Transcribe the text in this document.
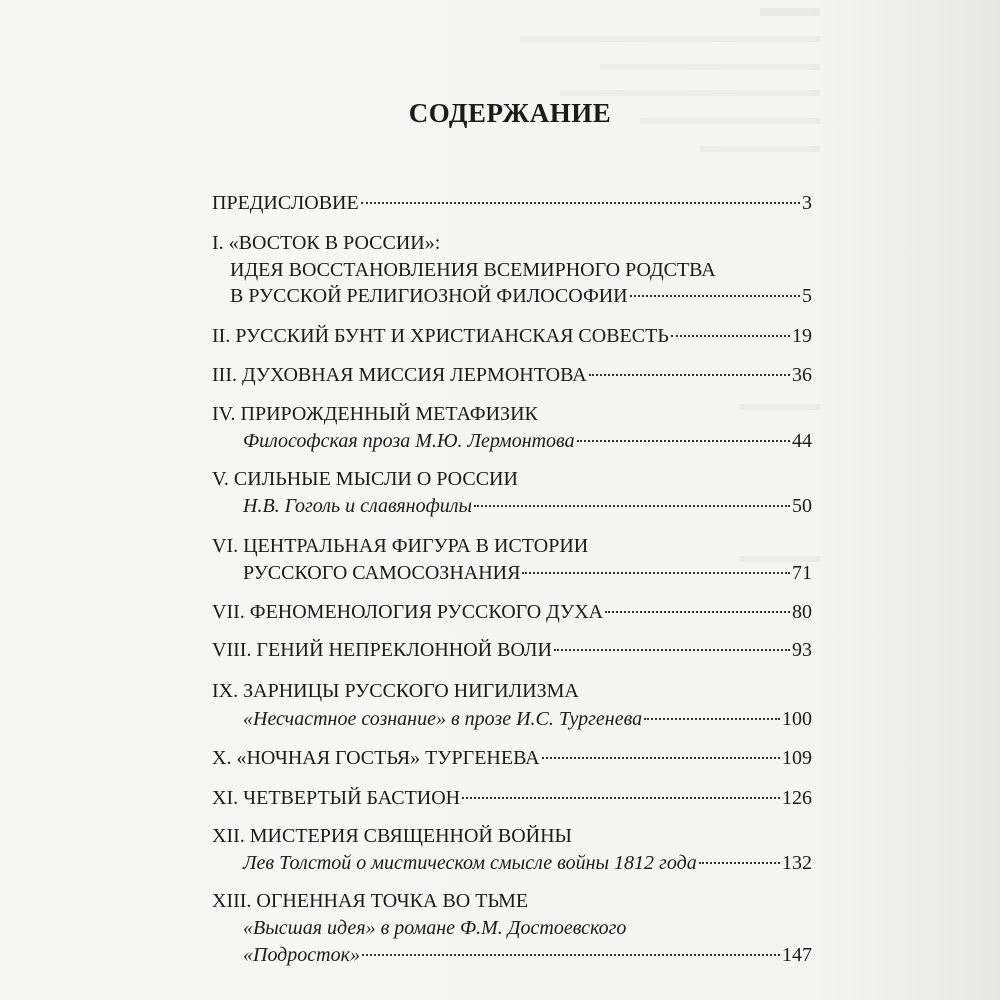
СОДЕРЖАНИЕ
ПРЕДИСЛОВИЕ	3
I. «ВОСТОК В РОССИИ»:
ИДЕЯ ВОССТАНОВЛЕНИЯ ВСЕМИРНОГО РОДСТВА
В РУССКОЙ РЕЛИГИОЗНОЙ ФИЛОСОФИИ	5
II. РУССКИЙ БУНТ И ХРИСТИАНСКАЯ СОВЕСТЬ	19
III. ДУХОВНАЯ МИССИЯ ЛЕРМОНТОВА	36
IV. ПРИРОЖДЕННЫЙ МЕТАФИЗИК
Философская проза М.Ю. Лермонтова	44
V. СИЛЬНЫЕ МЫСЛИ О РОССИИ
Н.В. Гоголь и славянофилы	50
VI. ЦЕНТРАЛЬНАЯ ФИГУРА В ИСТОРИИ
РУССКОГО САМОСОЗНАНИЯ	71
VII. ФЕНОМЕНОЛОГИЯ РУССКОГО ДУХА	80
VIII. ГЕНИЙ НЕПРЕКЛОННОЙ ВОЛИ	93
IX. ЗАРНИЦЫ РУССКОГО НИГИЛИЗМА
«Несчастное сознание» в прозе И.С. Тургенева	100
X. «НОЧНАЯ ГОСТЬЯ» ТУРГЕНЕВА	109
XI. ЧЕТВЕРТЫЙ БАСТИОН	126
XII. МИСТЕРИЯ СВЯЩЕННОЙ ВОЙНЫ
Лев Толстой о мистическом смысле войны 1812 года	132
XIII. ОГНЕННАЯ ТОЧКА ВО ТЬМЕ
«Высшая идея» в романе Ф.М. Достоевского
«Подросток»	147
